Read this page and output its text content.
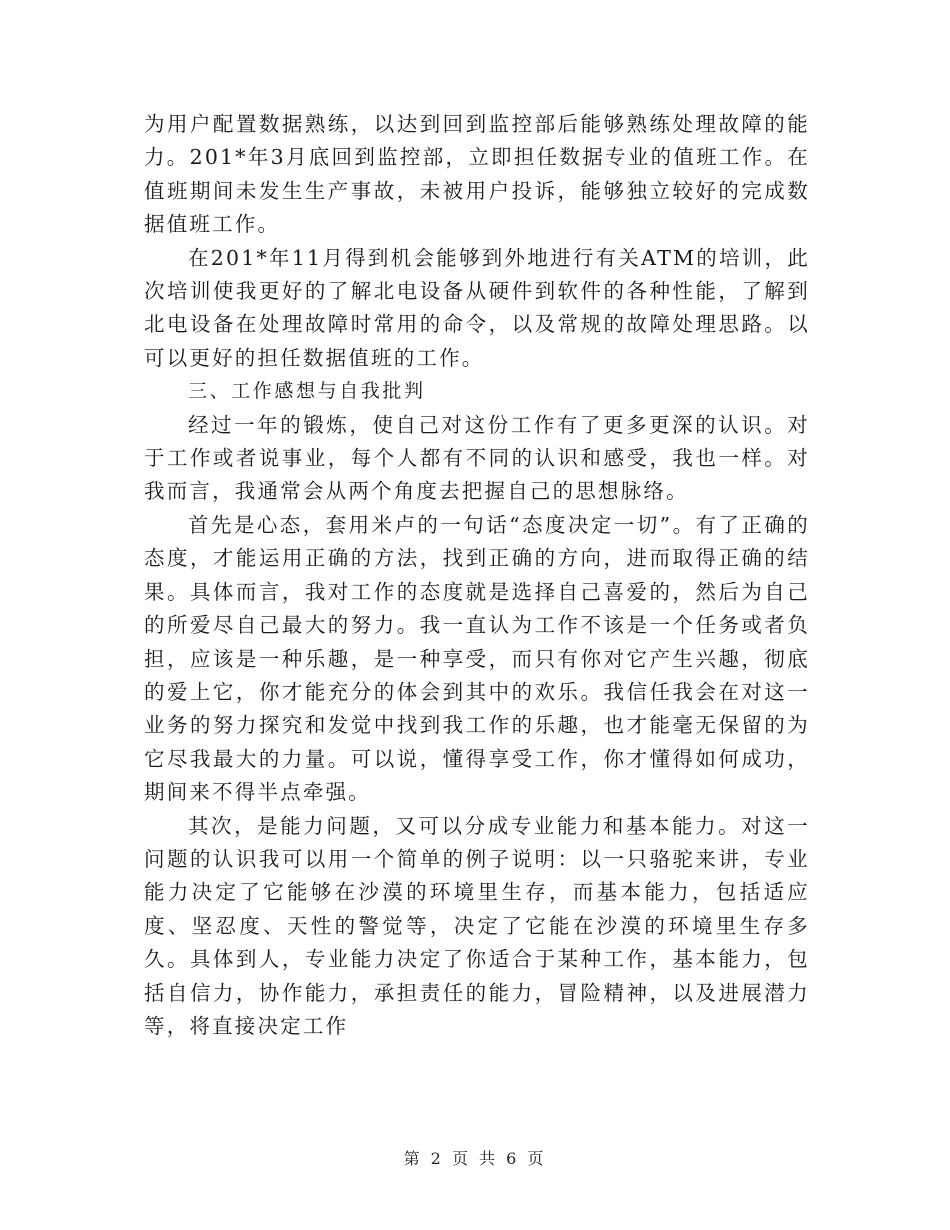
为用户配置数据熟练，以达到回到监控部后能够熟练处理故障的能力。201*年3月底回到监控部，立即担任数据专业的值班工作。在值班期间未发生生产事故，未被用户投诉，能够独立较好的完成数据值班工作。

在201*年11月得到机会能够到外地进行有关ATM的培训，此次培训使我更好的了解北电设备从硬件到软件的各种性能，了解到北电设备在处理故障时常用的命令，以及常规的故障处理思路。以可以更好的担任数据值班的工作。

三、工作感想与自我批判

经过一年的锻炼，使自己对这份工作有了更多更深的认识。对于工作或者说事业，每个人都有不同的认识和感受，我也一样。对我而言，我通常会从两个角度去把握自己的思想脉络。

首先是心态，套用米卢的一句话“态度决定一切”。有了正确的态度，才能运用正确的方法，找到正确的方向，进而取得正确的结果。具体而言，我对工作的态度就是选择自己喜爱的，然后为自己的所爱尽自己最大的努力。我一直认为工作不该是一个任务或者负担，应该是一种乐趣，是一种享受，而只有你对它产生兴趣，彻底的爱上它，你才能充分的体会到其中的欢乐。我信任我会在对这一业务的努力探究和发觉中找到我工作的乐趣，也才能毫无保留的为它尽我最大的力量。可以说，懂得享受工作，你才懂得如何成功，期间来不得半点牵强。

其次，是能力问题，又可以分成专业能力和基本能力。对这一问题的认识我可以用一个简单的例子说明：以一只骆驼来讲，专业能力决定了它能够在沙漠的环境里生存，而基本能力，包括适应度、坚忍度、天性的警觉等，决定了它能在沙漠的环境里生存多久。具体到人，专业能力决定了你适合于某种工作，基本能力，包括自信力，协作能力，承担责任的能力，冒险精神，以及进展潜力等，将直接决定工作

第 2 页 共 6 页
